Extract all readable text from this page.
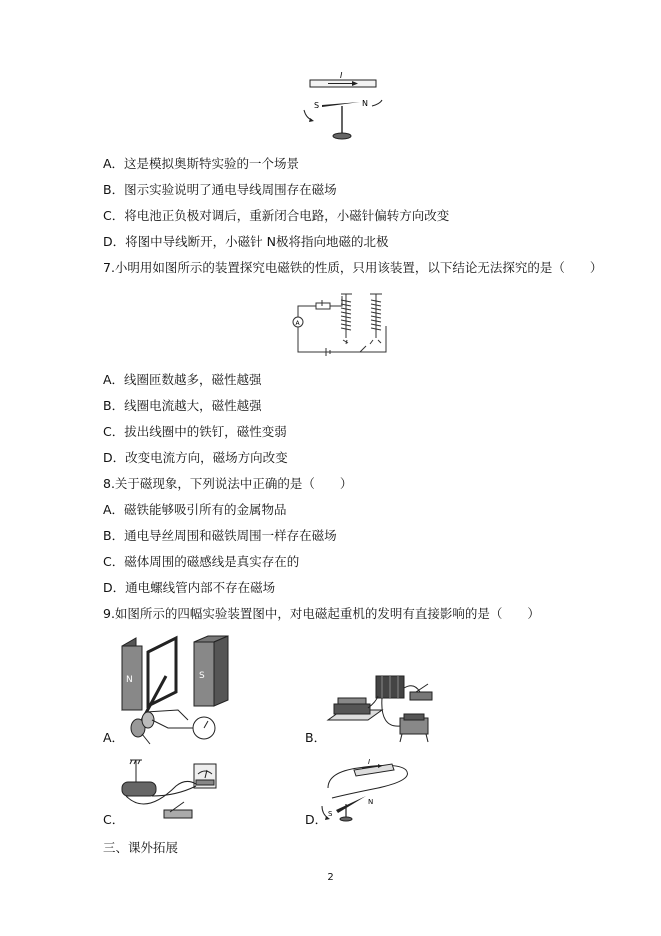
I
S	N
A．这是模拟奥斯特实验的一个场景
B．图示实验说明了通电导线周围存在磁场
C．将电池正负极对调后，重新闭合电路，小磁针偏转方向改变
D．将图中导线断开，小磁针 N极将指向地磁的北极
7.小明用如图所示的装置探究电磁铁的性质，只用该装置，以下结论无法探究的是（　　）
A
A．线圈匝数越多，磁性越强
B．线圈电流越大，磁性越强
C．拔出线圈中的铁钉，磁性变弱
D．改变电流方向，磁场方向改变
8.关于磁现象，下列说法中正确的是（　　）
A．磁铁能够吸引所有的金属物品
B．通电导丝周围和磁铁周围一样存在磁场
C．磁体周围的磁感线是真实存在的
D．通电螺线管内部不存在磁场
9.如图所示的四幅实验装置图中，对电磁起重机的发明有直接影响的是（　　）
N	S
A．	B．
C．
I
S
N
D．
三、课外拓展
2
